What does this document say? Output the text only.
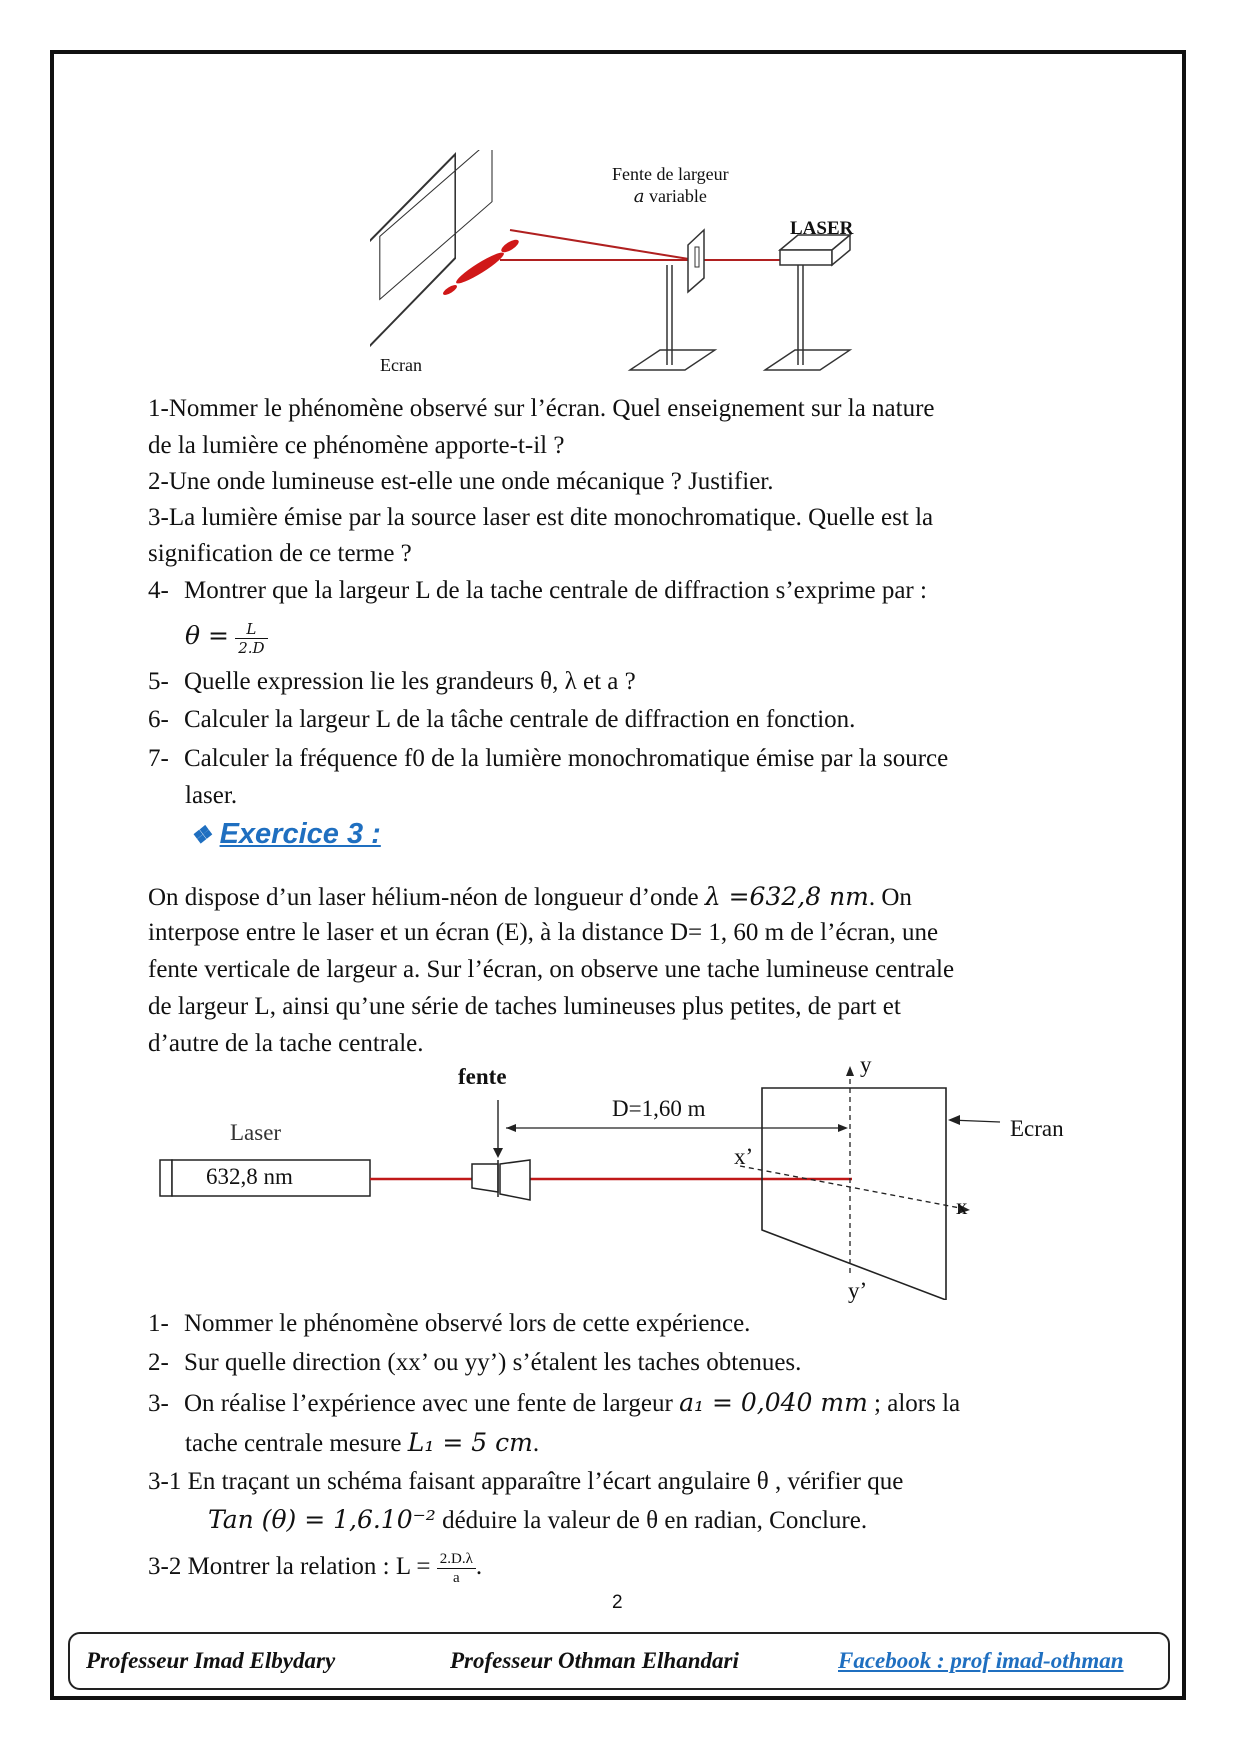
Fente de largeur
a variable
LASER
Ecran
1-Nommer le phénomène observé sur l’écran. Quel enseignement sur la nature
de la lumière ce phénomène apporte-t-il ?
2-Une onde lumineuse est-elle une onde mécanique ? Justifier.
3-La lumière émise par la source laser est dite monochromatique. Quelle est la
signification de ce terme ?
4- Montrer que la largeur L de la tache centrale de diffraction s’exprime par :
$\theta = \frac{L}{2.D}$
5- Quelle expression lie les grandeurs θ, λ et a ?
6- Calculer la largeur L de la tâche centrale de diffraction en fonction.
7- Calculer la fréquence f0 de la lumière monochromatique émise par la source
laser.
❖ Exercice 3 :
On dispose d’un laser hélium-néon de longueur d’onde λ =632,8 nm. On
interpose entre le laser et un écran (E), à la distance D= 1, 60 m de l’écran, une
fente verticale de largeur a. Sur l’écran, on observe une tache lumineuse centrale
de largeur L, ainsi qu’une série de taches lumineuses plus petites, de part et
d’autre de la tache centrale.
fente
D=1,60 m
Laser
632,8 nm
Ecran
y
y’
x
x’
1- Nommer le phénomène observé lors de cette expérience.
2- Sur quelle direction (xx’ ou yy’) s’étalent les taches obtenues.
3- On réalise l’expérience avec une fente de largeur a₁ = 0,040 mm ; alors la
tache centrale mesure L₁ = 5 cm.
3-1 En traçant un schéma faisant apparaître l’écart angulaire θ , vérifier que
Tan (θ) = 1,6.10⁻² déduire la valeur de θ en radian, Conclure.
3-2 Montrer la relation : $L = \frac{2.D.\lambda}{a}$ .
2
Professeur Imad Elbydary	Professeur Othman Elhandari	Facebook : prof imad-othman
